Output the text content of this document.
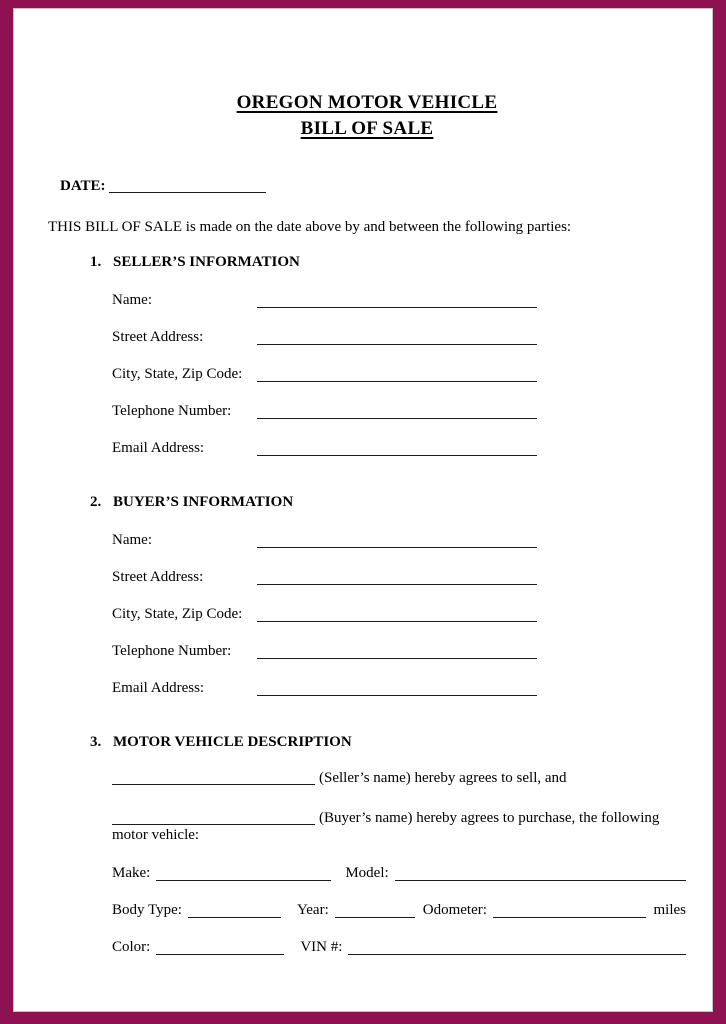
OREGON MOTOR VEHICLE
BILL OF SALE
DATE:

THIS BILL OF SALE is made on the date above by and between the following parties:

1. SELLER’S INFORMATION
Name:
Street Address:
City, State, Zip Code:
Telephone Number:
Email Address:
2. BUYER’S INFORMATION
Name:
Street Address:
City, State, Zip Code:
Telephone Number:
Email Address:
3. MOTOR VEHICLE DESCRIPTION
(Seller’s name) hereby agrees to sell, and
(Buyer’s name) hereby agrees to purchase, the following motor vehicle:
Make:	Model:
Body Type:	Year:	Odometer:	miles
Color:	VIN #:
